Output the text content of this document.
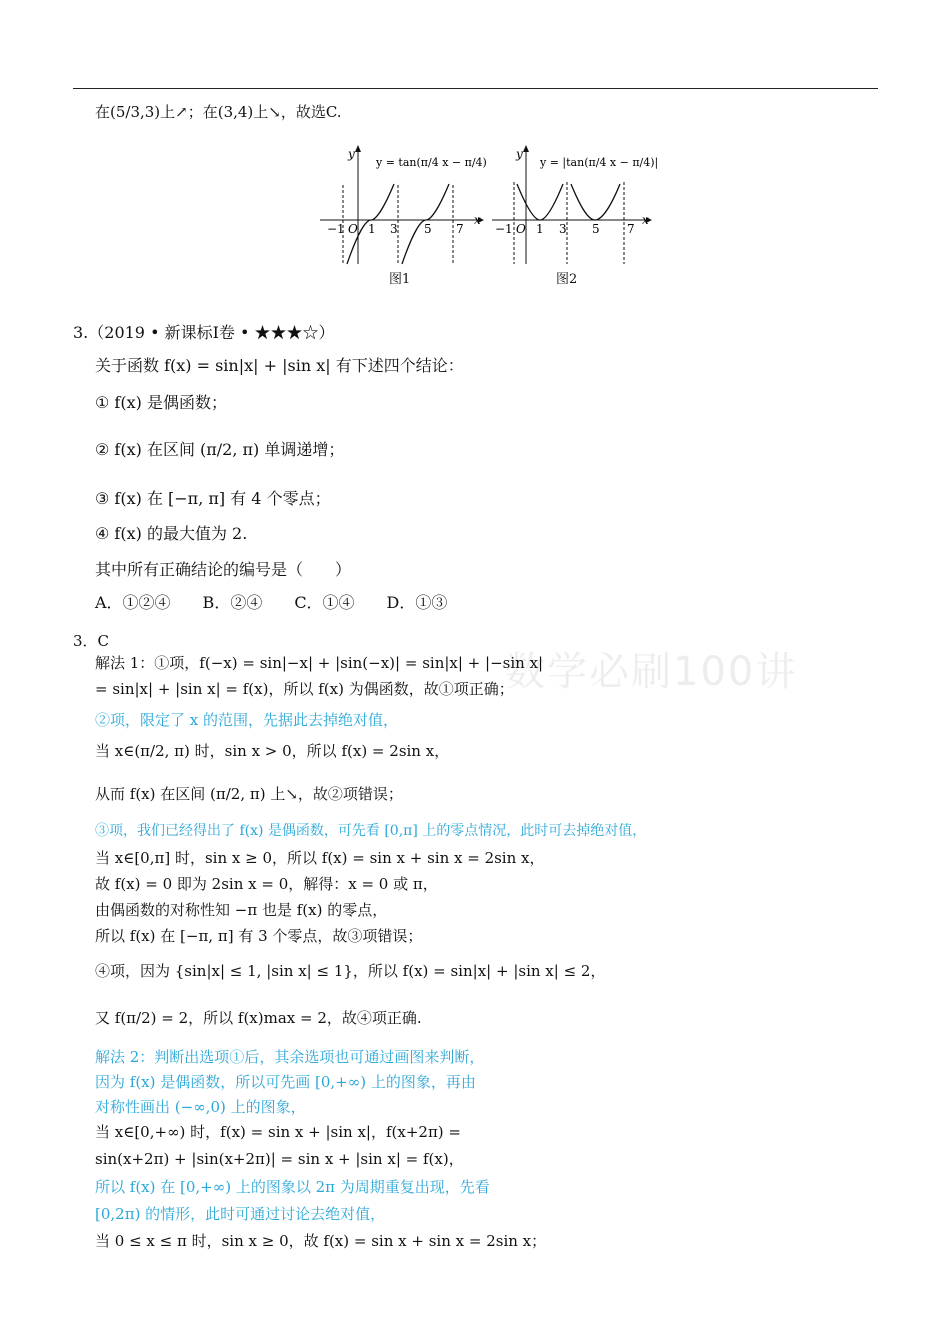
在(5/3,3)上↗；在(3,4)上↘，故选C.
y
x
O
−1 1 3 5 7
y = tan(π/4 x − π/4)
图1
y
x
O
−1 1 3 5 7
y = |tan(π/4 x − π/4)|
图2
3.（2019 • 新课标Ⅰ卷 • ★★★☆）
关于函数 f(x) = sin|x| + |sin x| 有下述四个结论：
① f(x) 是偶函数；
② f(x) 在区间 (π/2, π) 单调递增；
③ f(x) 在 [−π, π] 有 4 个零点；
④ f(x) 的最大值为 2.
其中所有正确结论的编号是（　　）
A．①②④　　B．②④　　C．①④　　D．①③
数学必刷100讲
3．C
解法 1：①项，f(−x) = sin|−x| + |sin(−x)| = sin|x| + |−sin x|
= sin|x| + |sin x| = f(x)，所以 f(x) 为偶函数，故①项正确；
②项，限定了 x 的范围，先据此去掉绝对值，
当 x∈(π/2, π) 时，sin x > 0，所以 f(x) = 2sin x，
从而 f(x) 在区间 (π/2, π) 上↘，故②项错误；
③项，我们已经得出了 f(x) 是偶函数，可先看 [0,π] 上的零点情况，此时可去掉绝对值，
当 x∈[0,π] 时，sin x ≥ 0，所以 f(x) = sin x + sin x = 2sin x，
故 f(x) = 0 即为 2sin x = 0，解得：x = 0 或 π，
由偶函数的对称性知 −π 也是 f(x) 的零点，
所以 f(x) 在 [−π, π] 有 3 个零点，故③项错误；
④项，因为 {sin|x| ≤ 1, |sin x| ≤ 1}，所以 f(x) = sin|x| + |sin x| ≤ 2，
又 f(π/2) = 2，所以 f(x)max = 2，故④项正确.
解法 2：判断出选项①后，其余选项也可通过画图来判断，
因为 f(x) 是偶函数，所以可先画 [0,+∞) 上的图象，再由
对称性画出 (−∞,0) 上的图象，
当 x∈[0,+∞) 时，f(x) = sin x + |sin x|，f(x+2π) =
sin(x+2π) + |sin(x+2π)| = sin x + |sin x| = f(x)，
所以 f(x) 在 [0,+∞) 上的图象以 2π 为周期重复出现，先看
[0,2π) 的情形，此时可通过讨论去绝对值，
当 0 ≤ x ≤ π 时，sin x ≥ 0，故 f(x) = sin x + sin x = 2sin x；
